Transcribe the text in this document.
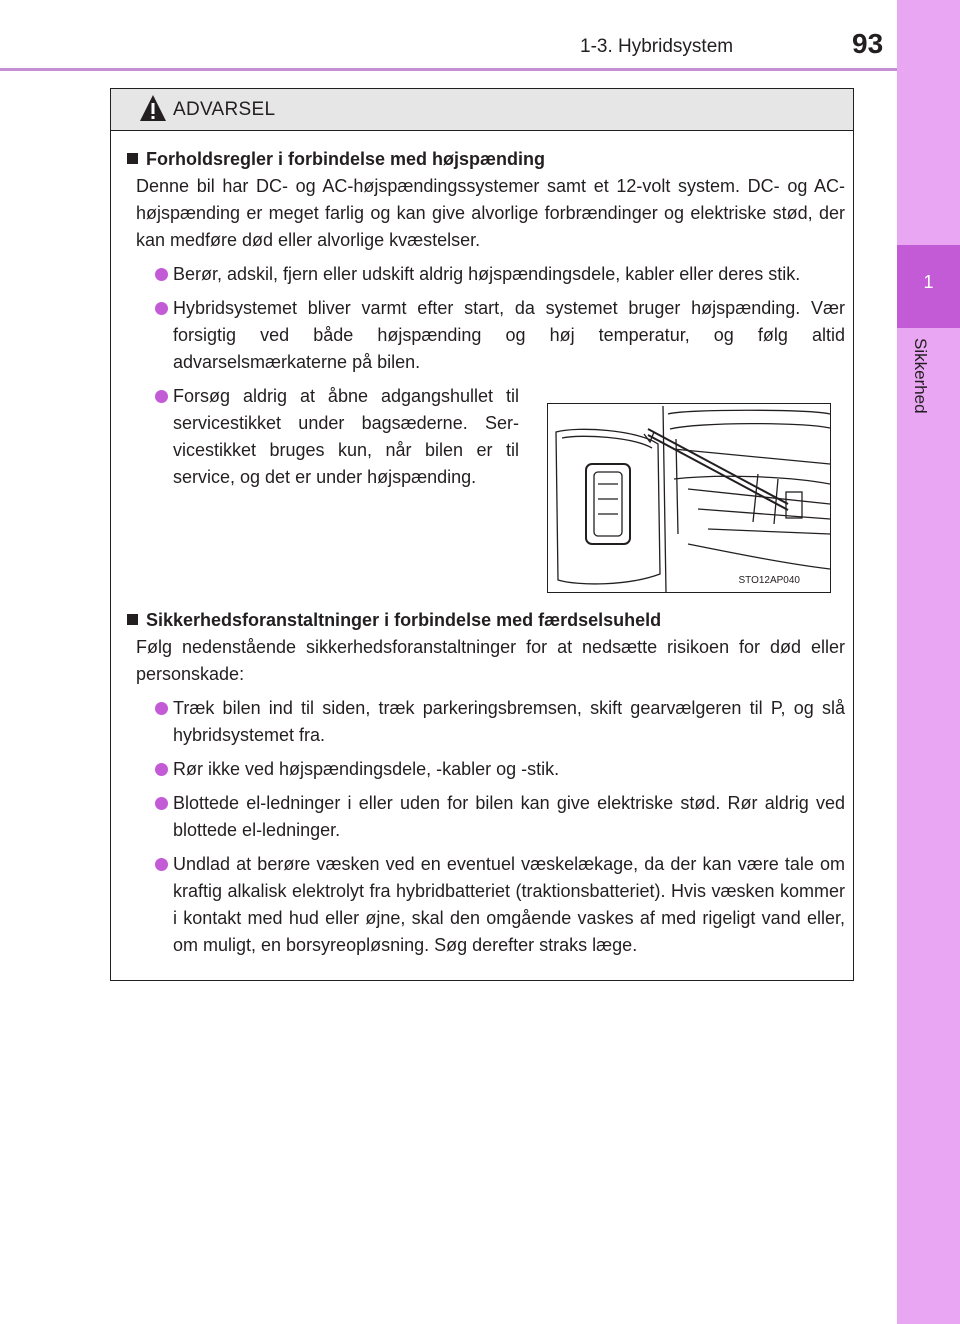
1
Sikkerhed
1-3. Hybridsystem	93
ADVARSEL
Forholdsregler i forbindelse med højspænding
Denne bil har DC- og AC-højspændingssystemer samt et 12-volt system. DC- og AC-højspænding er meget farlig og kan give alvorlige forbrændinger og elektriske stød, der kan medføre død eller alvorlige kvæstelser.
Berør, adskil, fjern eller udskift aldrig højspændingsdele, kabler eller deres stik.
Hybridsystemet bliver varmt efter start, da systemet bruger højspænding. Vær forsigtig ved både højspænding og høj temperatur, og følg altid advarselsmærkaterne på bilen.
Forsøg aldrig at åbne adgangshullet til servicestikket under bagsæderne. Ser-vicestikket bruges kun, når bilen er til service, og det er under højspænding.
STO12AP040
Sikkerhedsforanstaltninger i forbindelse med færdselsuheld
Følg nedenstående sikkerhedsforanstaltninger for at nedsætte risikoen for død eller personskade:
Træk bilen ind til siden, træk parkeringsbremsen, skift gearvælgeren til P, og slå hybridsystemet fra.
Rør ikke ved højspændingsdele, -kabler og -stik.
Blottede el-ledninger i eller uden for bilen kan give elektriske stød. Rør aldrig ved blottede el-ledninger.
Undlad at berøre væsken ved en eventuel væskelækage, da der kan være tale om kraftig alkalisk elektrolyt fra hybridbatteriet (traktionsbatteriet). Hvis væsken kommer i kontakt med hud eller øjne, skal den omgående vaskes af med rigeligt vand eller, om muligt, en borsyreopløsning. Søg derefter straks læge.
